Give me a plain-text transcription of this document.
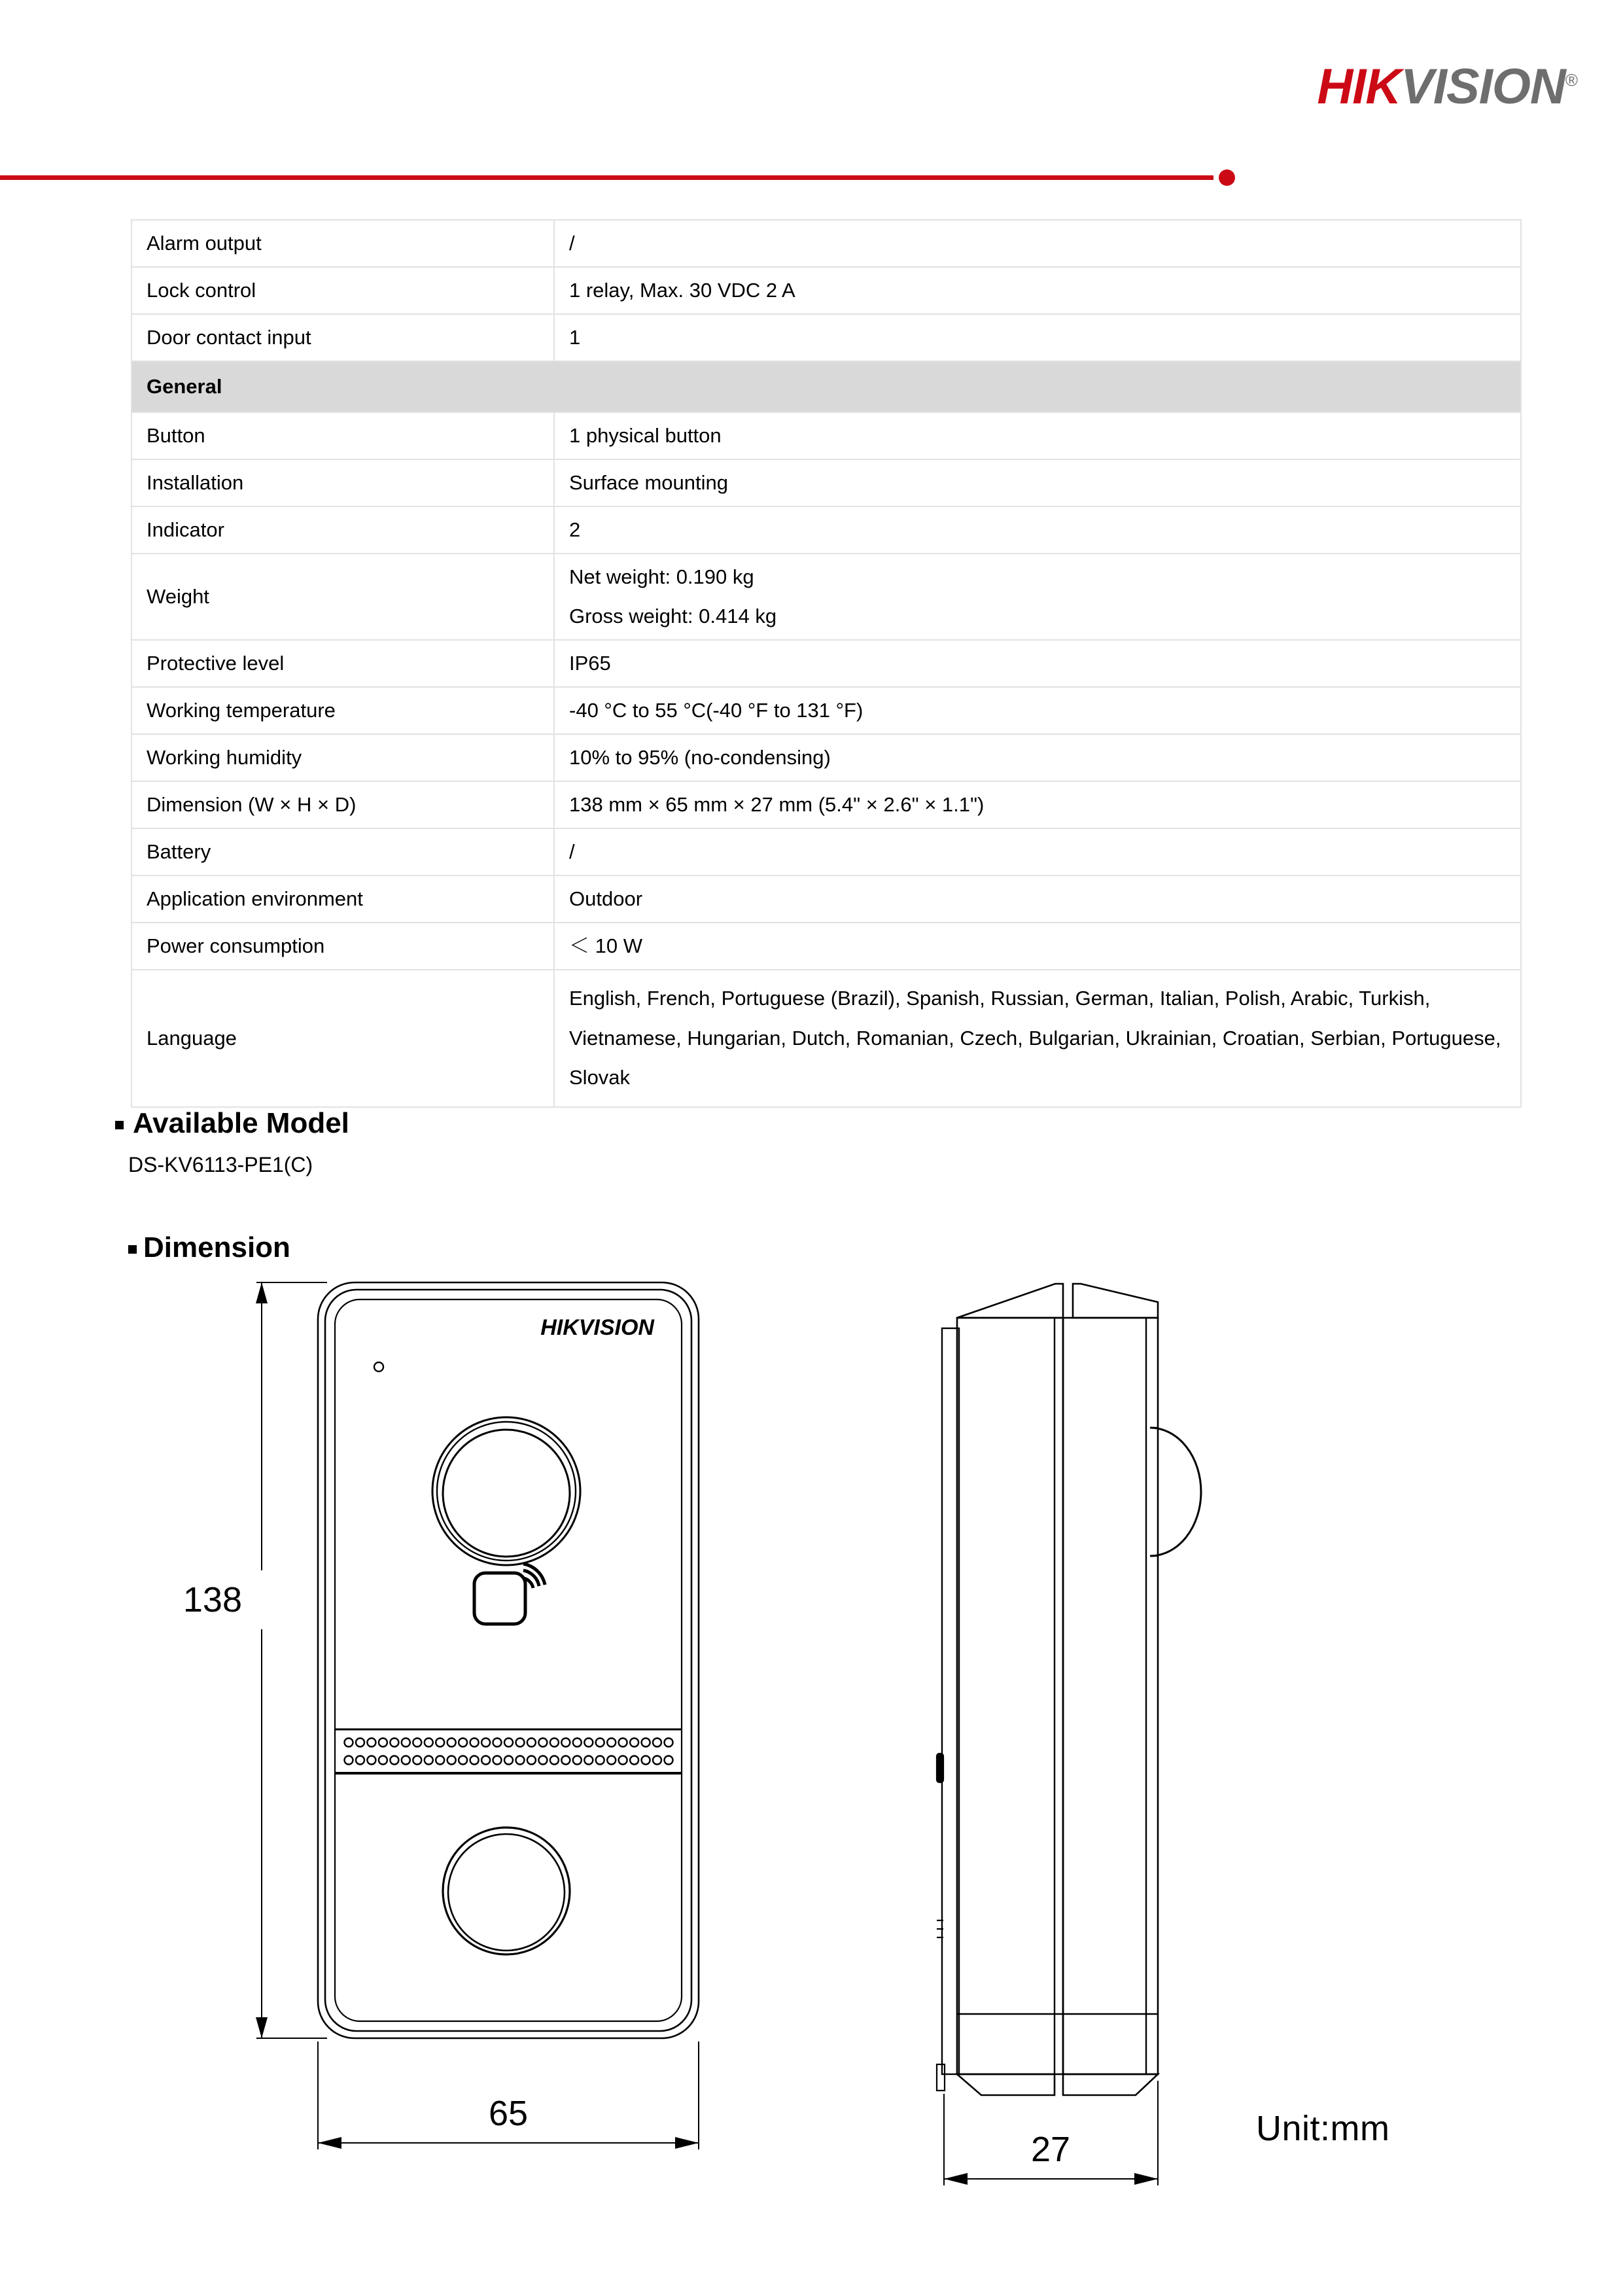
HIKVISION®
Alarm output	/
Lock control	1 relay, Max. 30 VDC 2 A
Door contact input	1
General	
Button	1 physical button
Installation	Surface mounting
Indicator	2
Weight	Net weight: 0.190 kg
Gross weight: 0.414 kg

Protective level	IP65
Working temperature	-40 °C to 55 °C(-40 °F to 131 °F)
Working humidity	10% to 95% (no-condensing)
Dimension (W × H × D)	138 mm × 65 mm × 27 mm (5.4" × 2.6" × 1.1")
Battery	/
Application environment	Outdoor
Power consumption	＜ 10 W
Language	English, French, Portuguese (Brazil), Spanish, Russian, German, Italian, Polish, Arabic, Turkish, Vietnamese, Hungarian, Dutch, Romanian, Czech, Bulgarian, Ukrainian, Croatian, Serbian, Portuguese, Slovak
Available Model
DS-KV6113-PE1(C)
Dimension
HIKVISION
138
65
27
Unit:mm
